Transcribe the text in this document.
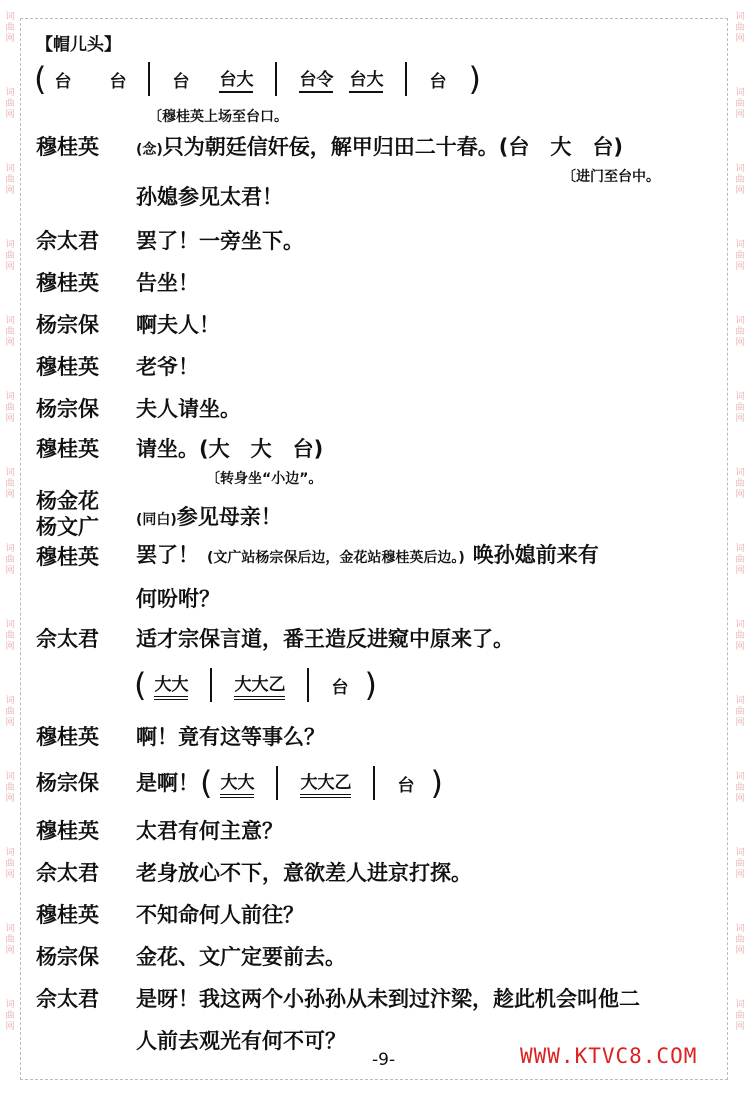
词
曲
网
词
曲
网
词
曲
网
词
曲
网
词
曲
网
词
曲
网
词
曲
网
词
曲
网
词
曲
网
词
曲
网
词
曲
网
词
曲
网
词
曲
网
词
曲
网
词
曲
网
词
曲
网
词
曲
网
词
曲
网
词
曲
网
词
曲
网
词
曲
网
词
曲
网
词
曲
网
词
曲
网
词
曲
网
词
曲
网
词
曲
网
词
曲
网
【帽儿头】
( 台 台	台 台大	台令 台大	台 )
〔穆桂英上场至台口。
穆桂英	(念)只为朝廷信奸佞，解甲归田二十春。(台　大　台)
〔进门至台中。
孙媳参见太君！
佘太君 罢了！一旁坐下。
穆桂英 告坐！
杨宗保 啊夫人！
穆桂英 老爷！
杨宗保 夫人请坐。
穆桂英 请坐。(大　大　台)
〔转身坐“小边”。
杨金花
杨文广	(同白)参见母亲！
穆桂英 罢了！ (文广站杨宗保后边，金花站穆桂英后边。) 唤孙媳前来有
何吩咐？
佘太君 适才宗保言道，番王造反进窥中原来了。
( 大大	大大乙	台 )
穆桂英 啊！竟有这等事么？
杨宗保 是啊！ ( 大大	大大乙	台 )
穆桂英 太君有何主意？
佘太君 老身放心不下，意欲差人进京打探。
穆桂英 不知命何人前往？
杨宗保 金花、文广定要前去。
佘太君 是呀！我这两个小孙孙从未到过汴梁，趁此机会叫他二
人前去观光有何不可？
-9-	WWW.KTVC8.COM
